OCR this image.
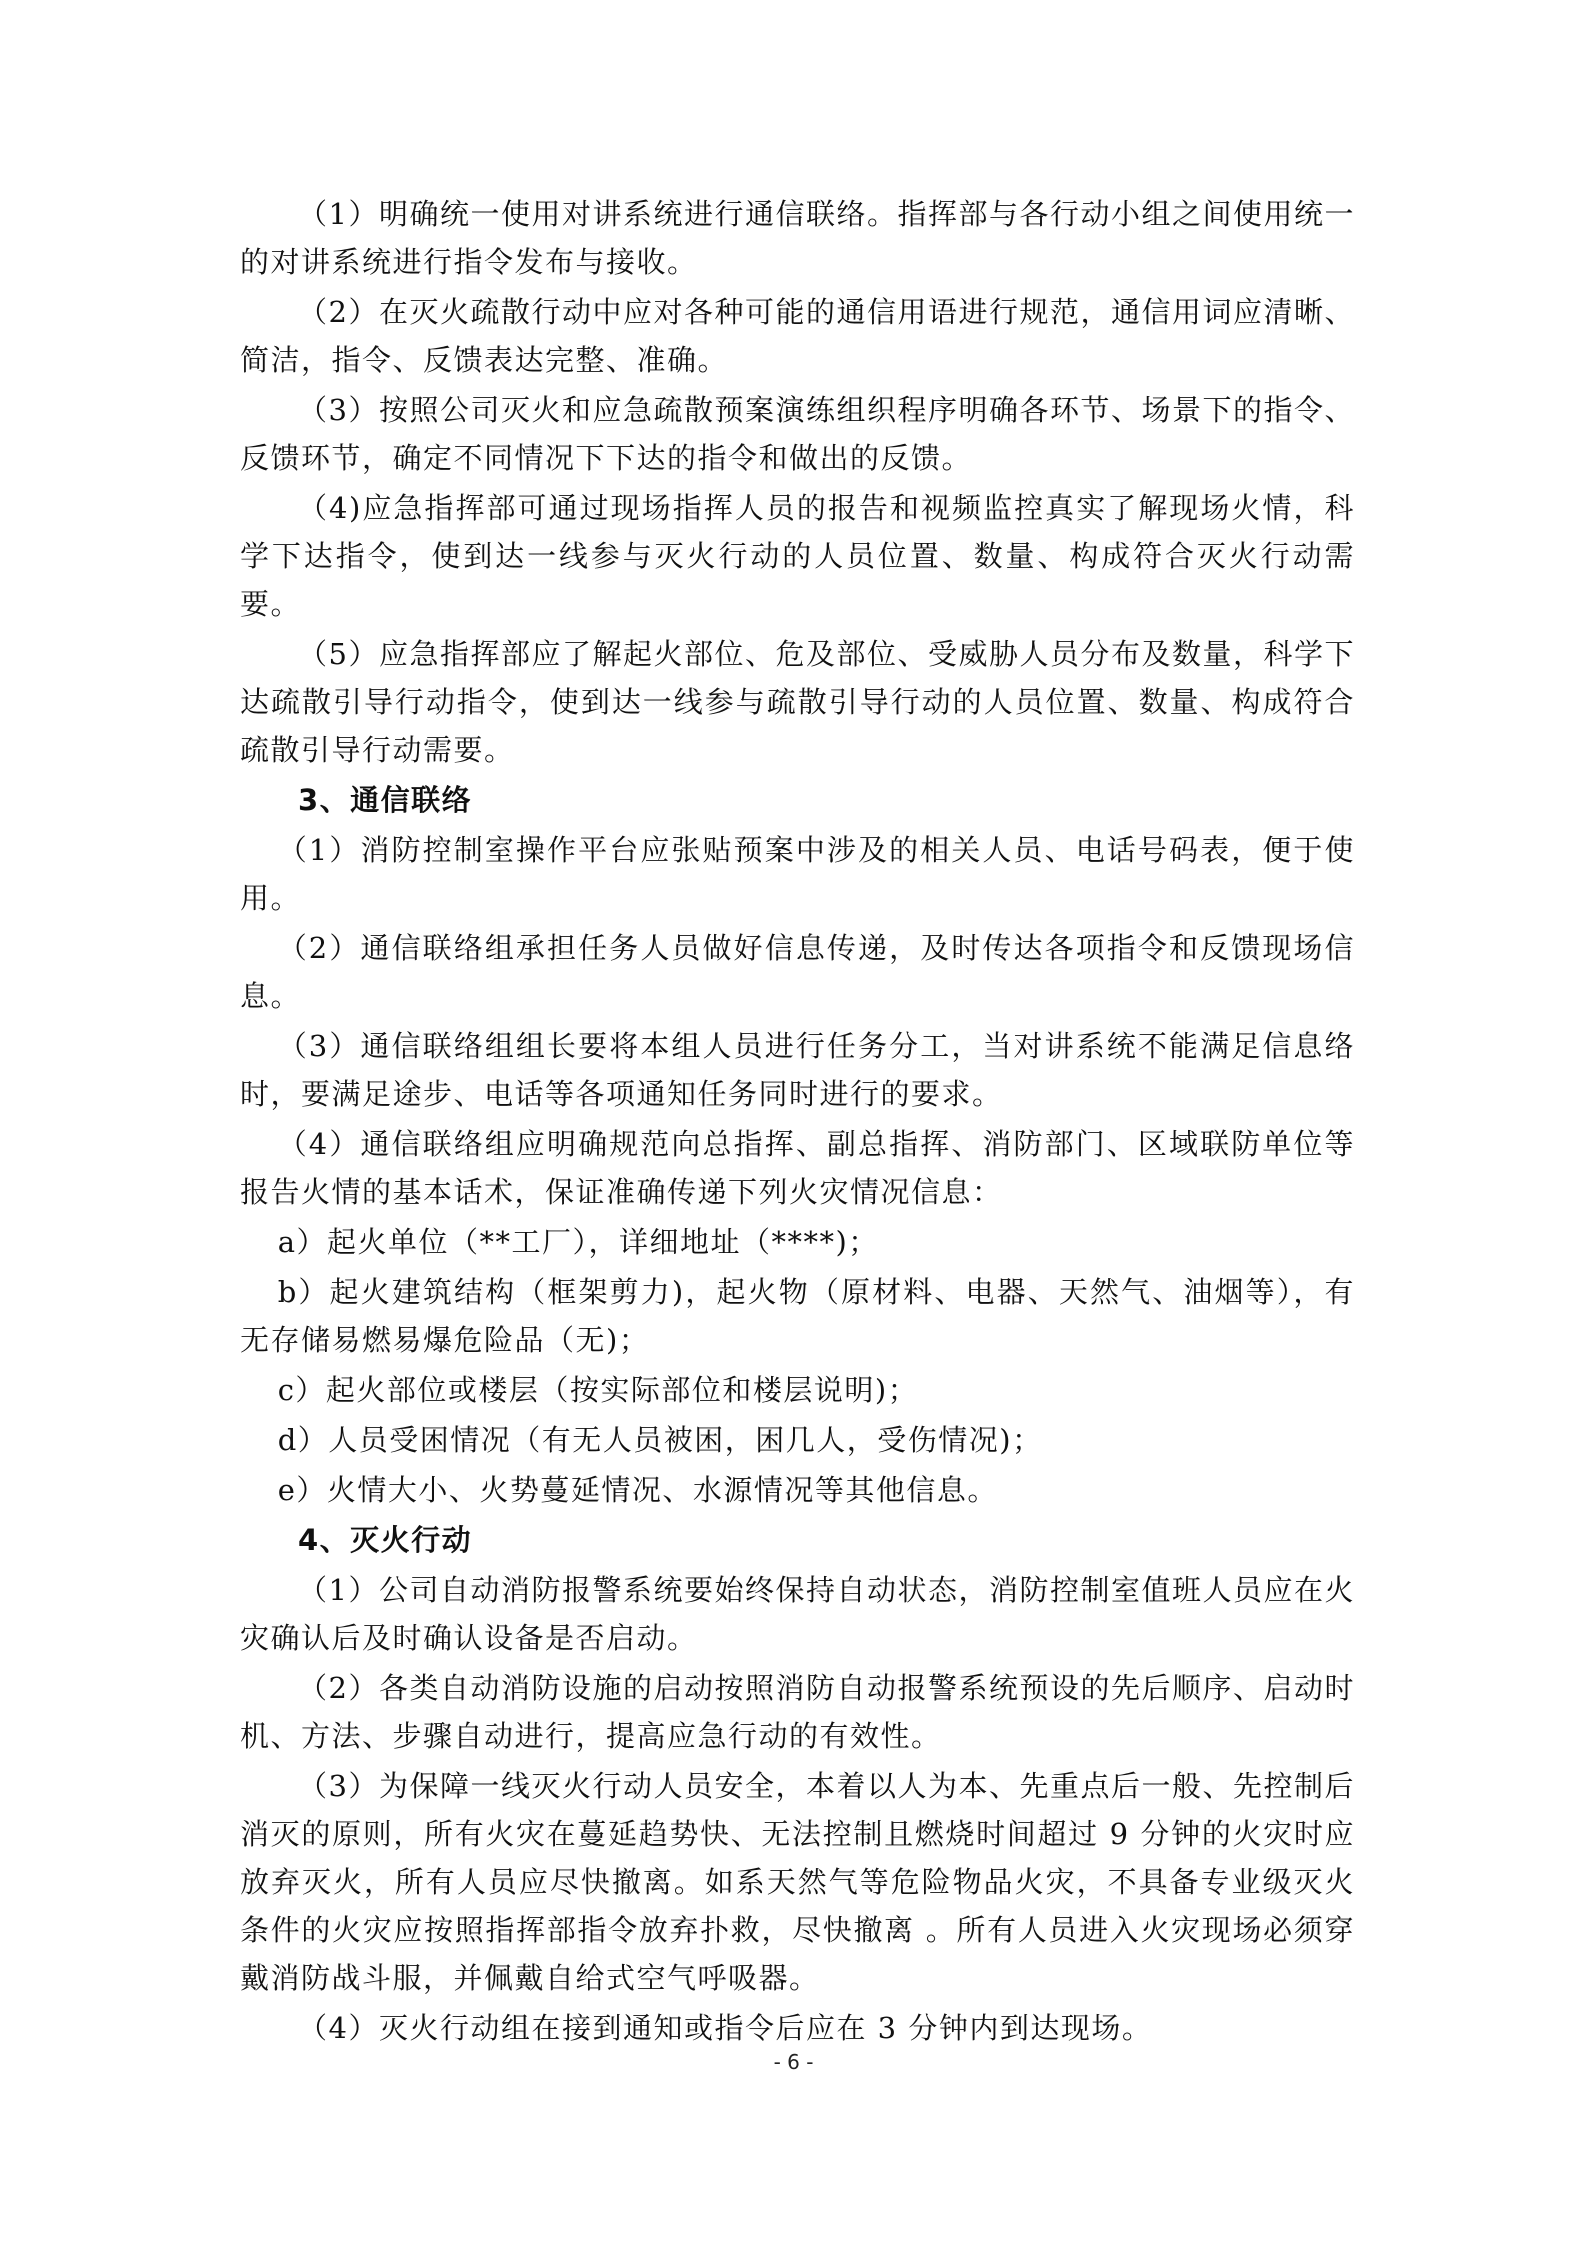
（1）明确统一使用对讲系统进行通信联络。指挥部与各行动小组之间使用统一的对讲系统进行指令发布与接收。

（2）在灭火疏散行动中应对各种可能的通信用语进行规范，通信用词应清晰、简洁，指令、反馈表达完整、准确。

（3）按照公司灭火和应急疏散预案演练组织程序明确各环节、场景下的指令、反馈环节，确定不同情况下下达的指令和做出的反馈。

（4)应急指挥部可通过现场指挥人员的报告和视频监控真实了解现场火情，科学下达指令，使到达一线参与灭火行动的人员位置、数量、构成符合灭火行动需要。

（5）应急指挥部应了解起火部位、危及部位、受威胁人员分布及数量，科学下达疏散引导行动指令，使到达一线参与疏散引导行动的人员位置、数量、构成符合疏散引导行动需要。

3、通信联络

（1）消防控制室操作平台应张贴预案中涉及的相关人员、电话号码表，便于使用。

（2）通信联络组承担任务人员做好信息传递，及时传达各项指令和反馈现场信息。

（3）通信联络组组长要将本组人员进行任务分工，当对讲系统不能满足信息络时，要满足途步、电话等各项通知任务同时进行的要求。

（4）通信联络组应明确规范向总指挥、副总指挥、消防部门、区域联防单位等报告火情的基本话术，保证准确传递下列火灾情况信息：

a）起火单位（**工厂），详细地址（****)；

b）起火建筑结构（框架剪力)，起火物（原材料、电器、天然气、油烟等），有无存储易燃易爆危险品（无)；

c）起火部位或楼层（按实际部位和楼层说明)；

d）人员受困情况（有无人员被困，困几人，受伤情况)；

e）火情大小、火势蔓延情况、水源情况等其他信息。

4、灭火行动

（1）公司自动消防报警系统要始终保持自动状态，消防控制室值班人员应在火灾确认后及时确认设备是否启动。

（2）各类自动消防设施的启动按照消防自动报警系统预设的先后顺序、启动时机、方法、步骤自动进行，提高应急行动的有效性。

（3）为保障一线灭火行动人员安全，本着以人为本、先重点后一般、先控制后消灭的原则，所有火灾在蔓延趋势快、无法控制且燃烧时间超过 9 分钟的火灾时应放弃灭火，所有人员应尽快撤离。如系天然气等危险物品火灾，不具备专业级灭火条件的火灾应按照指挥部指令放弃扑救，尽快撤离 。所有人员进入火灾现场必须穿戴消防战斗服，并佩戴自给式空气呼吸器。

（4）灭火行动组在接到通知或指令后应在 3 分钟内到达现场。

- 6 -
